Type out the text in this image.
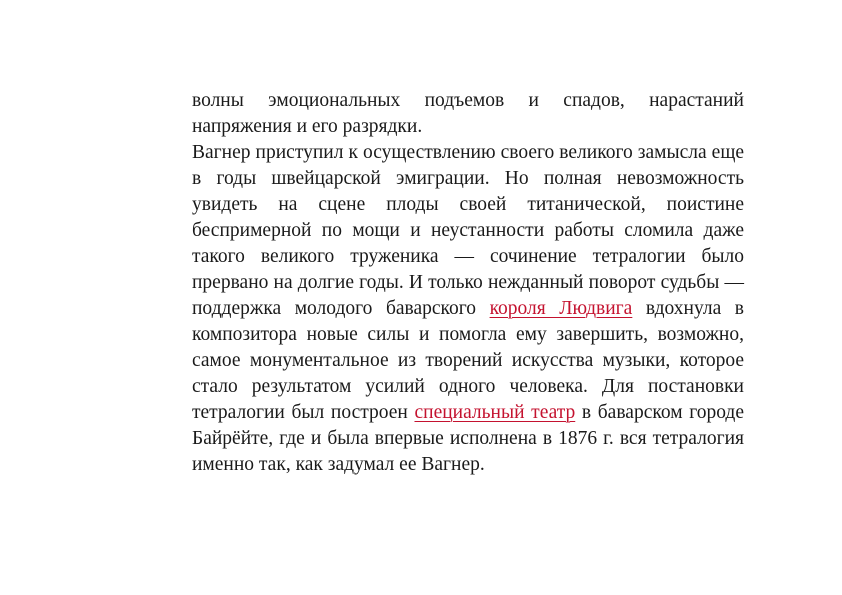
волны эмоциональных подъемов и спадов, нарастаний напряжения и его разрядки.

Вагнер приступил к осуществлению своего великого замысла еще в годы швейцарской эмиграции. Но полная невозможность увидеть на сцене плоды своей титанической, поистине беспримерной по мощи и неустанности работы сломила даже такого великого труженика — сочинение тетралогии было прервано на долгие годы. И только нежданный поворот судьбы — поддержка молодого баварского короля Людвига вдохнула в композитора новые силы и помогла ему завершить, возможно, самое монументальное из творений искусства музыки, которое стало результатом усилий одного человека. Для постановки тетралогии был построен специальный театр в баварском городе Байрёйте, где и была впервые исполнена в 1876 г. вся тетралогия именно так, как задумал ее Вагнер.
